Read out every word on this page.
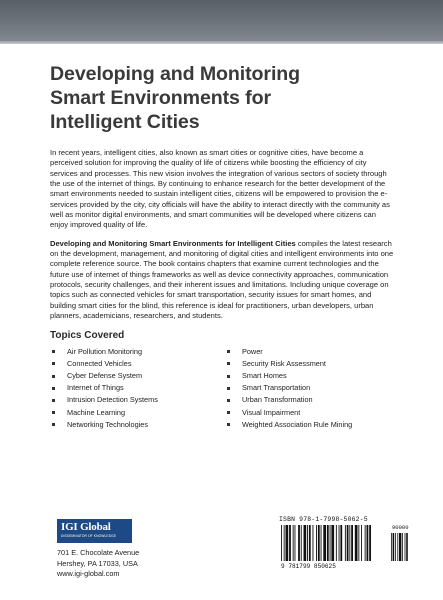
Developing and Monitoring
Smart Environments for
Intelligent Cities

In recent years, intelligent cities, also known as smart cities or cognitive cities, have become a perceived solution for improving the quality of life of citizens while boosting the efficiency of city services and processes. This new vision involves the integration of various sectors of society through the use of the internet of things. By continuing to enhance research for the better development of the smart environments needed to sustain intelligent cities, citizens will be empowered to provision the e-services provided by the city, city officials will have the ability to interact directly with the community as well as monitor digital environments, and smart communities will be developed where citizens can enjoy improved quality of life.

Developing and Monitoring Smart Environments for Intelligent Cities compiles the latest research on the development, management, and monitoring of digital cities and intelligent environments into one complete reference source. The book contains chapters that examine current technologies and the future use of internet of things frameworks as well as device connectivity approaches, communication protocols, security challenges, and their inherent issues and limitations. Including unique coverage on topics such as connected vehicles for smart transportation, security issues for smart homes, and building smart cities for the blind, this reference is ideal for practitioners, urban developers, urban planners, academicians, researchers, and students.

Topics Covered
Air Pollution Monitoring
Connected Vehicles
Cyber Defense System
Internet of Things
Intrusion Detection Systems
Machine Learning
Networking Technologies
Power
Security Risk Assessment
Smart Homes
Smart Transportation
Urban Transformation
Visual Impairment
Weighted Association Rule Mining
IGI Global
DISSEMINATOR OF KNOWLEDGE
701 E. Chocolate Avenue
Hershey, PA 17033, USA
www.igi-global.com
ISBN 978-1-7998-5062-5
90000
9 781799 850625
